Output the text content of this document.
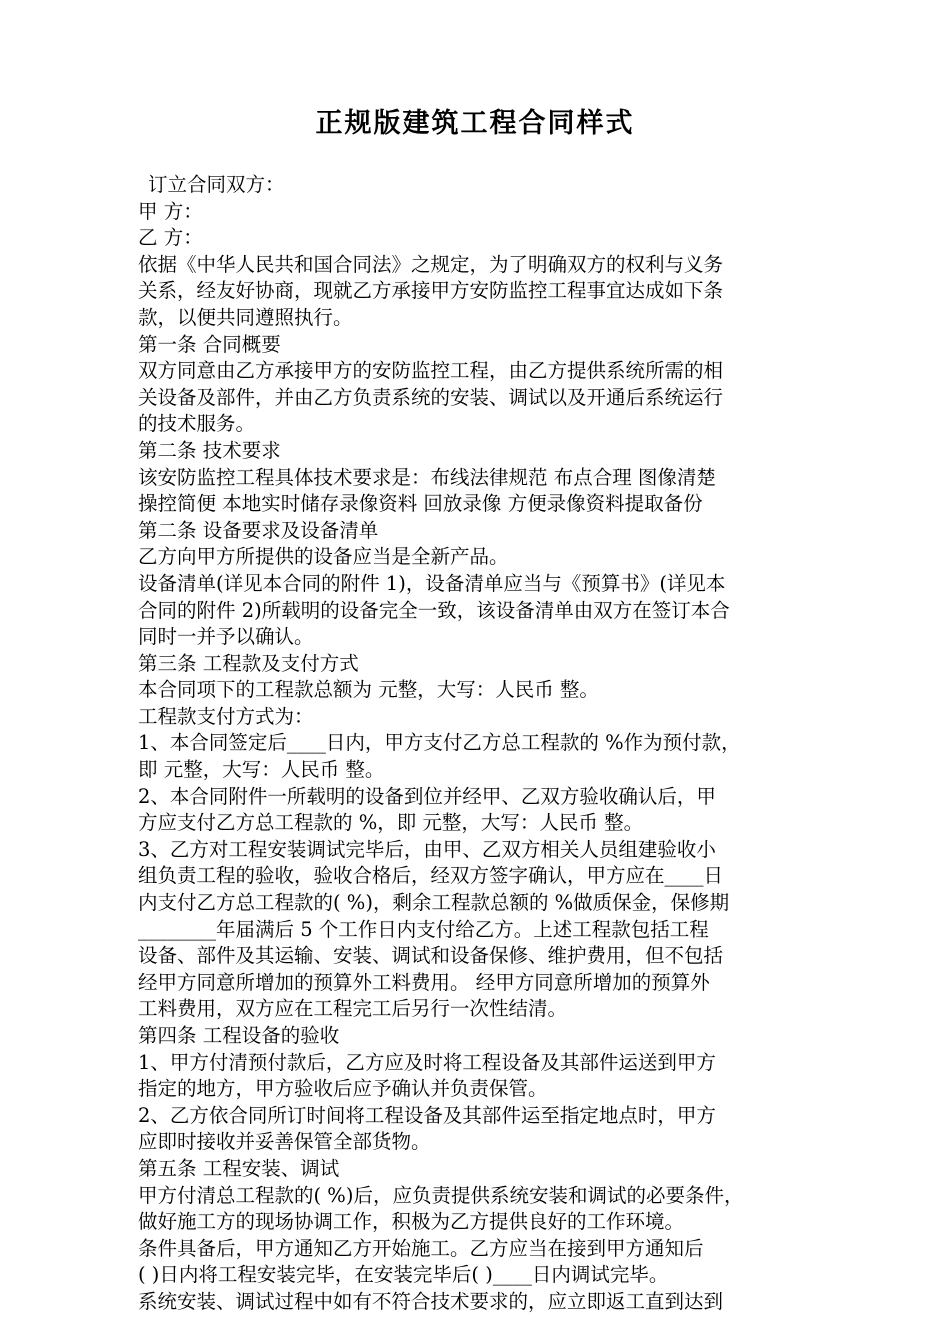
正规版建筑工程合同样式
订立合同双方：
甲 方：
乙 方：
依据《中华人民共和国合同法》之规定，为了明确双方的权利与义务
关系，经友好协商，现就乙方承接甲方安防监控工程事宜达成如下条
款，以便共同遵照执行。
第一条 合同概要
双方同意由乙方承接甲方的安防监控工程，由乙方提供系统所需的相
关设备及部件，并由乙方负责系统的安装、调试以及开通后系统运行
的技术服务。
第二条 技术要求
该安防监控工程具体技术要求是：布线法律规范 布点合理 图像清楚
操控简便 本地实时储存录像资料 回放录像 方便录像资料提取备份
第二条 设备要求及设备清单
乙方向甲方所提供的设备应当是全新产品。
设备清单(详见本合同的附件 1)，设备清单应当与《预算书》(详见本
合同的附件 2)所载明的设备完全一致，该设备清单由双方在签订本合
同时一并予以确认。
第三条 工程款及支付方式
本合同项下的工程款总额为 元整，大写：人民币 整。
工程款支付方式为：
1、本合同签定后____日内，甲方支付乙方总工程款的 %作为预付款，
即 元整，大写：人民币 整。
2、本合同附件一所载明的设备到位并经甲、乙双方验收确认后，甲
方应支付乙方总工程款的 %，即 元整，大写：人民币 整。
3、乙方对工程安装调试完毕后，由甲、乙双方相关人员组建验收小
组负责工程的验收，验收合格后，经双方签字确认，甲方应在____日
内支付乙方总工程款的( %)，剩余工程款总额的 %做质保金，保修期
________年届满后 5 个工作日内支付给乙方。上述工程款包括工程
设备、部件及其运输、安装、调试和设备保修、维护费用，但不包括
经甲方同意所增加的预算外工料费用。 经甲方同意所增加的预算外
工料费用，双方应在工程完工后另行一次性结清。
第四条 工程设备的验收
1、甲方付清预付款后，乙方应及时将工程设备及其部件运送到甲方
指定的地方，甲方验收后应予确认并负责保管。
2、乙方依合同所订时间将工程设备及其部件运至指定地点时，甲方
应即时接收并妥善保管全部货物。
第五条 工程安装、调试
甲方付清总工程款的( %)后，应负责提供系统安装和调试的必要条件，
做好施工方的现场协调工作，积极为乙方提供良好的工作环境。
条件具备后，甲方通知乙方开始施工。乙方应当在接到甲方通知后
( )日内将工程安装完毕，在安装完毕后( )____日内调试完毕。
系统安装、调试过程中如有不符合技术要求的，应立即返工直到达到
